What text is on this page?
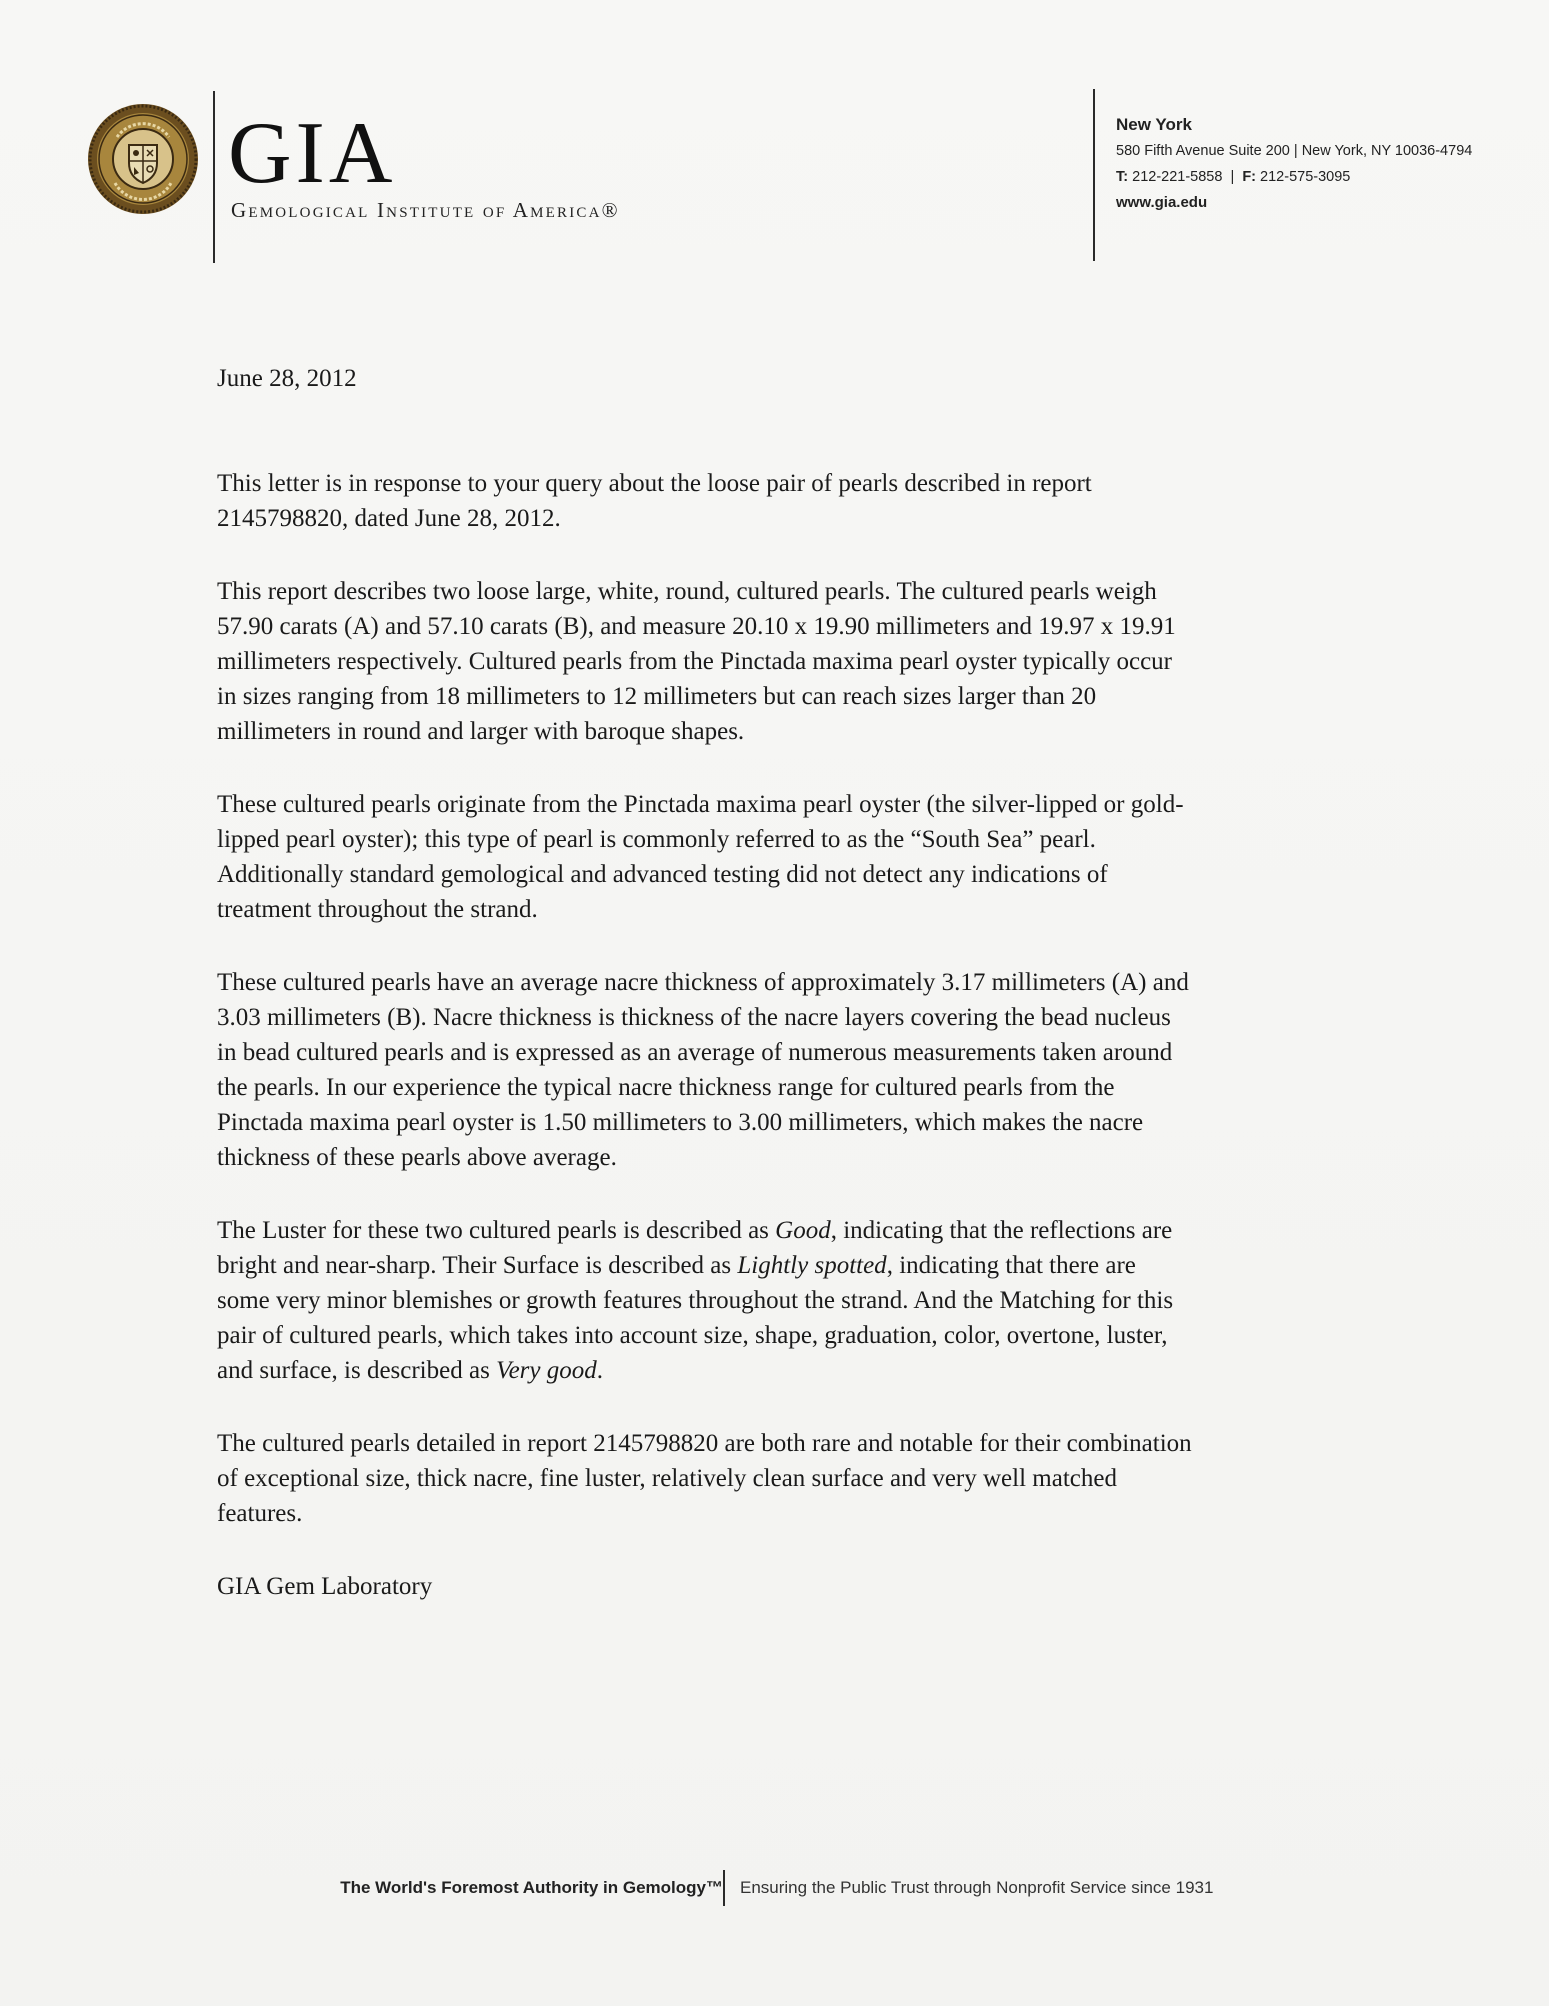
GIA
Gemological Institute of America®
New York
580 Fifth Avenue Suite 200 | New York, NY 10036-4794
T: 212-221-5858  |  F: 212-575-3095
www.gia.edu
June 28, 2012

This letter is in response to your query about the loose pair of pearls described in report
2145798820, dated June 28, 2012.

This report describes two loose large, white, round, cultured pearls. The cultured pearls weigh
57.90 carats (A) and 57.10 carats (B), and measure 20.10 x 19.90 millimeters and 19.97 x 19.91
millimeters respectively. Cultured pearls from the Pinctada maxima pearl oyster typically occur
in sizes ranging from 18 millimeters to 12 millimeters but can reach sizes larger than 20
millimeters in round and larger with baroque shapes.

These cultured pearls originate from the Pinctada maxima pearl oyster (the silver-lipped or gold-
lipped pearl oyster); this type of pearl is commonly referred to as the “South Sea” pearl.
Additionally standard gemological and advanced testing did not detect any indications of
treatment throughout the strand.

These cultured pearls have an average nacre thickness of approximately 3.17 millimeters (A) and
3.03 millimeters (B). Nacre thickness is thickness of the nacre layers covering the bead nucleus
in bead cultured pearls and is expressed as an average of numerous measurements taken around
the pearls. In our experience the typical nacre thickness range for cultured pearls from the
Pinctada maxima pearl oyster is 1.50 millimeters to 3.00 millimeters, which makes the nacre
thickness of these pearls above average.

The Luster for these two cultured pearls is described as Good, indicating that the reflections are
bright and near-sharp. Their Surface is described as Lightly spotted, indicating that there are
some very minor blemishes or growth features throughout the strand. And the Matching for this
pair of cultured pearls, which takes into account size, shape, graduation, color, overtone, luster,
and surface, is described as Very good.

The cultured pearls detailed in report 2145798820 are both rare and notable for their combination
of exceptional size, thick nacre, fine luster, relatively clean surface and very well matched
features.

GIA Gem Laboratory

The World's Foremost Authority in Gemology™ Ensuring the Public Trust through Nonprofit Service since 1931
